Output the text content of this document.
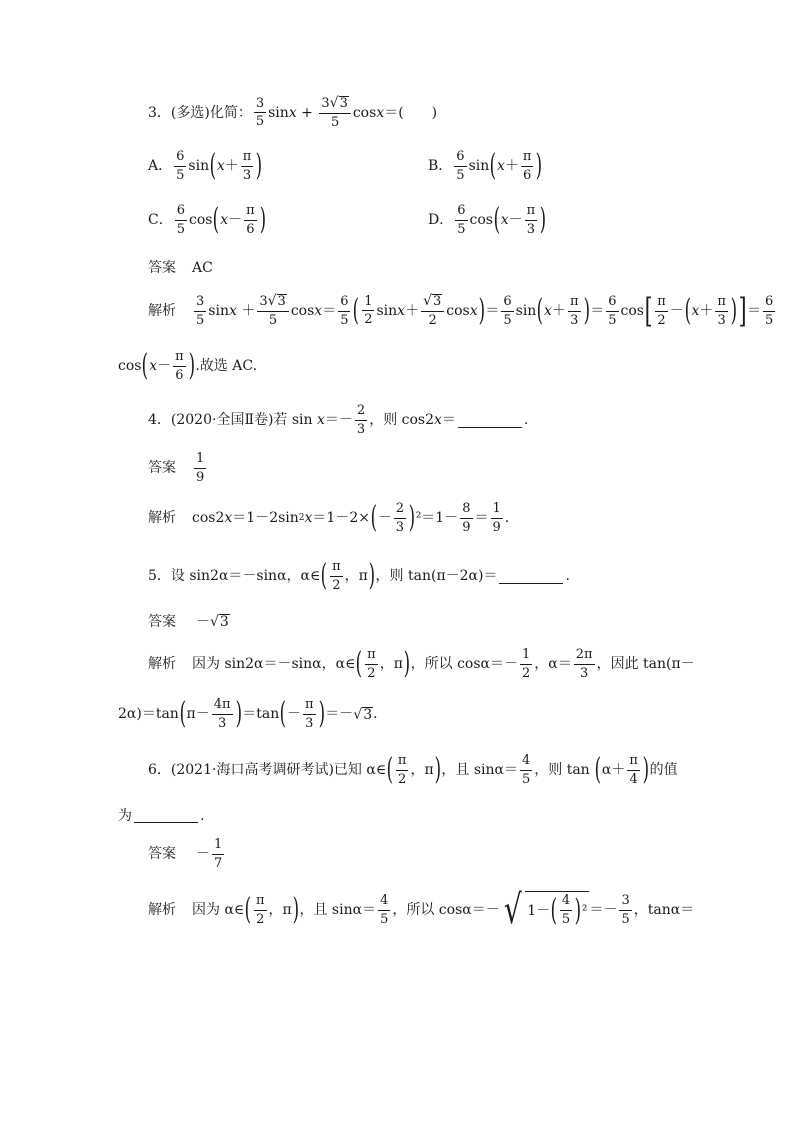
3．(多选)化简：
3
5
sin x
+
$\frac{3 √ 3}{5}$ cos x ＝(　　)
A．
6
5
sin ( x ＋
π
3 )	B．
6
5
sin ( x ＋
π
6 )
C．
6
5
cos ( x －
π
6 )	D．
6
5
cos ( x －
π
3 )
答案 AC
解析
3
5
sin x
＋
3 √ 3
5
cos x ＝
6
5 ( 1
2
sin x ＋
√ 3
2
cos x ) ＝
6
5
sin ( x ＋
π
3 ) ＝
6
5
cos [ π
2
－ ( x ＋
π
3 ) ] ＝
6
5
cos ( x －
π
6 ) .故选 AC.
4．(2020·全国Ⅱ卷)若 sin
x ＝－
2
3
，则 cos2 x ＝	.
答案
1
9
解析 cos2 x ＝1－2sin 2 x ＝1－2× ( －
2
3 ) ²＝1－
8
9
＝
1
9
.
5．设 sin2α＝－sinα，α∈ ( π
2
，π ) ，则 tan(π－2α)＝	.
答案 － √ 3
解析 因为 sin2α＝－sinα，α∈ ( π
2
，π ) ，所以 cosα＝－
1
2
，α＝
2π
3
，因此 tan(π－
2α)＝tan ( π－
4π
3 ) ＝tan ( －
π
3 ) ＝－ √ 3 .
6．(2021·海口高考调研考试)已知 α∈ ( π
2
，π ) ，且 sinα＝
4
5
，则 tan
( α＋
π
4 ) 的值
为	.
答案 －
1
7
解析 因为 α∈ ( π
2
，π ) ，且 sinα＝
4
5
，所以 cosα＝－ √ 1－ ( 4
5 ) ² ＝－
3
5
，tanα＝
